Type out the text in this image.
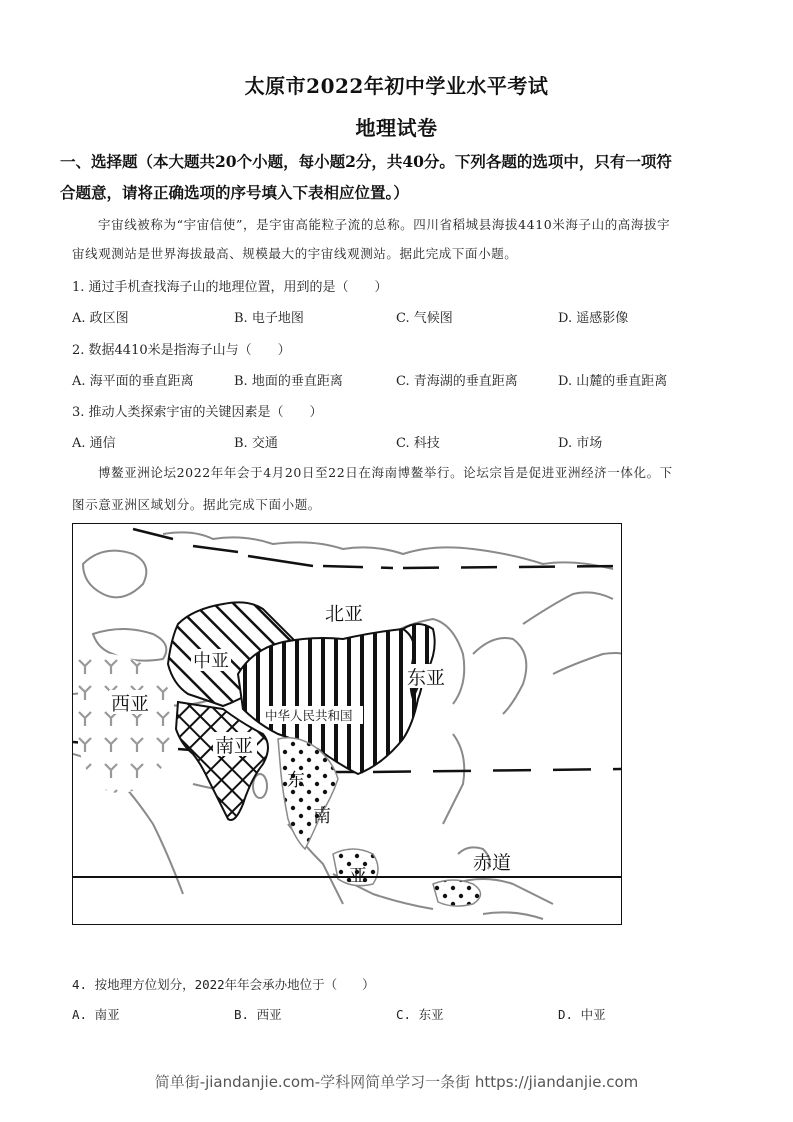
太原市2022年初中学业水平考试
地理试卷
一、选择题（本大题共20个小题，每小题2分，共40分。下列各题的选项中，只有一项符
合题意，请将正确选项的序号填入下表相应位置。）
宇宙线被称为“宇宙信使”，是宇宙高能粒子流的总称。四川省稻城县海拔4410米海子山的高海拔宇
宙线观测站是世界海拔最高、规模最大的宇宙线观测站。据此完成下面小题。
1. 通过手机查找海子山的地理位置，用到的是（　　）
A. 政区图	B. 电子地图	C. 气候图	D. 遥感影像
2. 数据4410米是指海子山与（　　）
A. 海平面的垂直距离	B. 地面的垂直距离	C. 青海湖的垂直距离	D. 山麓的垂直距离
3. 推动人类探索宇宙的关键因素是（　　）
A. 通信	B. 交通	C. 科技	D. 市场
博鳌亚洲论坛2022年年会于4月20日至22日在海南博鳌举行。论坛宗旨是促进亚洲经济一体化。下
图示意亚洲区域划分。据此完成下面小题。
北亚
中亚
西亚
东亚
中华人民共和国
南亚
东
南
亚
赤道
4. 按地理方位划分，2022年年会承办地位于（　　）
A. 南亚	B. 西亚	C. 东亚	D. 中亚
简单街-jiandanjie.com-学科网简单学习一条街 https://jiandanjie.com
